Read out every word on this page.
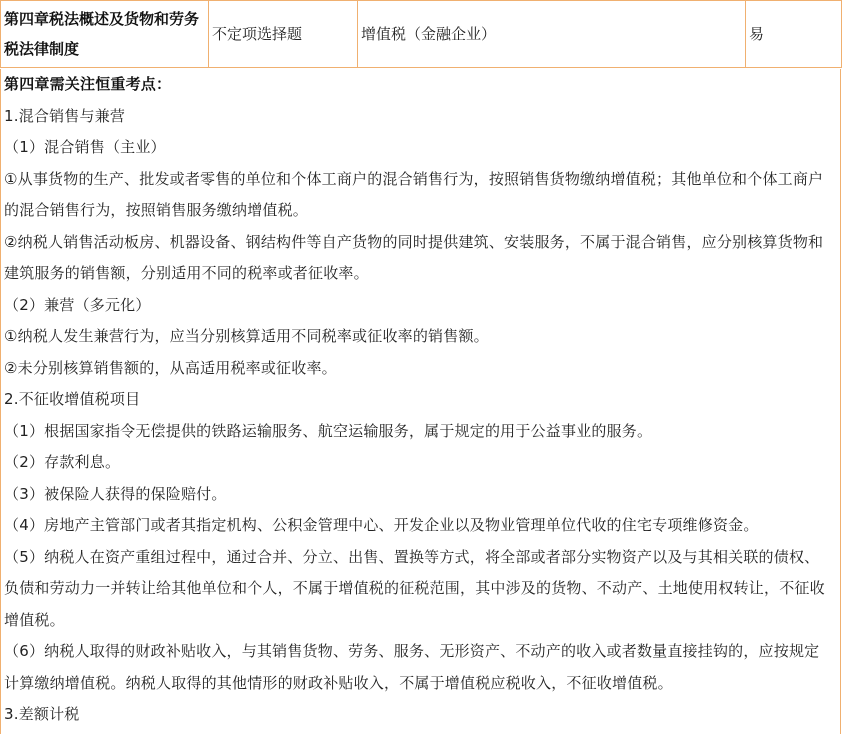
第四章税法概述及货物和劳务税法律制度	不定项选择题	增值税（金融企业）	易

第四章需关注恒重考点：

1.混合销售与兼营

（1）混合销售（主业）

①从事货物的生产、批发或者零售的单位和个体工商户的混合销售行为，按照销售货物缴纳增值税；其他单位和个体工商户的混合销售行为，按照销售服务缴纳增值税。

②纳税人销售活动板房、机器设备、钢结构件等自产货物的同时提供建筑、安装服务，不属于混合销售，应分别核算货物和建筑服务的销售额，分别适用不同的税率或者征收率。

（2）兼营（多元化）

①纳税人发生兼营行为，应当分别核算适用不同税率或征收率的销售额。

②未分别核算销售额的，从高适用税率或征收率。

2.不征收增值税项目

（1）根据国家指令无偿提供的铁路运输服务、航空运输服务，属于规定的用于公益事业的服务。

（2）存款利息。

（3）被保险人获得的保险赔付。

（4）房地产主管部门或者其指定机构、公积金管理中心、开发企业以及物业管理单位代收的住宅专项维修资金。

（5）纳税人在资产重组过程中，通过合并、分立、出售、置换等方式，将全部或者部分实物资产以及与其相关联的债权、负债和劳动力一并转让给其他单位和个人，不属于增值税的征税范围，其中涉及的货物、不动产、土地使用权转让，不征收增值税。

（6）纳税人取得的财政补贴收入，与其销售货物、劳务、服务、无形资产、不动产的收入或者数量直接挂钩的，应按规定计算缴纳增值税。纳税人取得的其他情形的财政补贴收入，不属于增值税应税收入，不征收增值税。

3.差额计税
